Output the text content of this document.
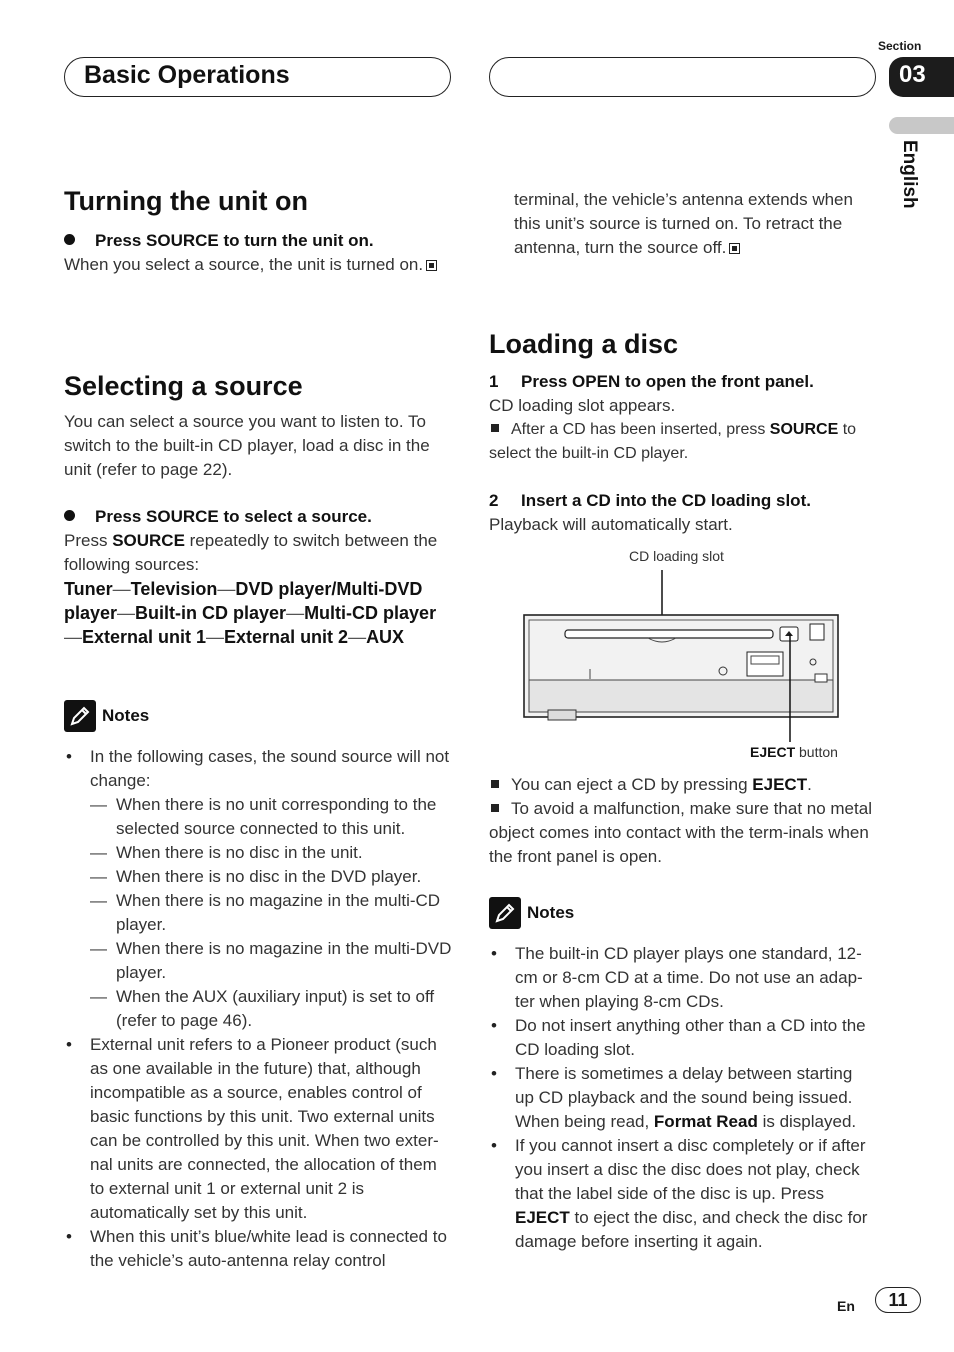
Basic Operations
Section
03
English
Turning the unit on

Press SOURCE to turn the unit on.

When you select a source, the unit is turned on.

Selecting a source

You can select a source you want to listen to. To switch to the built-in CD player, load a disc in the unit (refer to page 22).

Press SOURCE to select a source.

Press SOURCE repeatedly to switch between the following sources:

Tuner—Television—DVD player/Multi-DVD player—Built-in CD player—Multi-CD player—External unit 1—External unit 2—AUX

Notes
• In the following cases, the sound source will not change:
— When there is no unit corresponding to the selected source connected to this unit.
— When there is no disc in the unit.
— When there is no disc in the DVD player.
— When there is no magazine in the multi-CD player.
— When there is no magazine in the multi-DVD player.
— When the AUX (auxiliary input) is set to off (refer to page 46).
• External unit refers to a Pioneer product (such as one available in the future) that, although incompatible as a source, enables control of basic functions by this unit. Two external units can be controlled by this unit. When two exter-nal units are connected, the allocation of them to external unit 1 or external unit 2 is automatically set by this unit.
• When this unit’s blue/white lead is connected to the vehicle’s auto-antenna relay control

terminal, the vehicle’s antenna extends when this unit’s source is turned on. To retract the antenna, turn the source off.

Loading a disc

1 Press OPEN to open the front panel.

CD loading slot appears.

After a CD has been inserted, press SOURCE to select the built-in CD player.

2 Insert a CD into the CD loading slot.

Playback will automatically start.

CD loading slot
EJECT button

You can eject a CD by pressing EJECT.

To avoid a malfunction, make sure that no metal object comes into contact with the term-inals when the front panel is open.

Notes
• The built-in CD player plays one standard, 12-cm or 8-cm CD at a time. Do not use an adap-ter when playing 8-cm CDs.
• Do not insert anything other than a CD into the CD loading slot.
• There is sometimes a delay between starting up CD playback and the sound being issued. When being read, Format Read is displayed.
• If you cannot insert a disc completely or if after you insert a disc the disc does not play, check that the label side of the disc is up. Press EJECT to eject the disc, and check the disc for damage before inserting it again.
En	11
